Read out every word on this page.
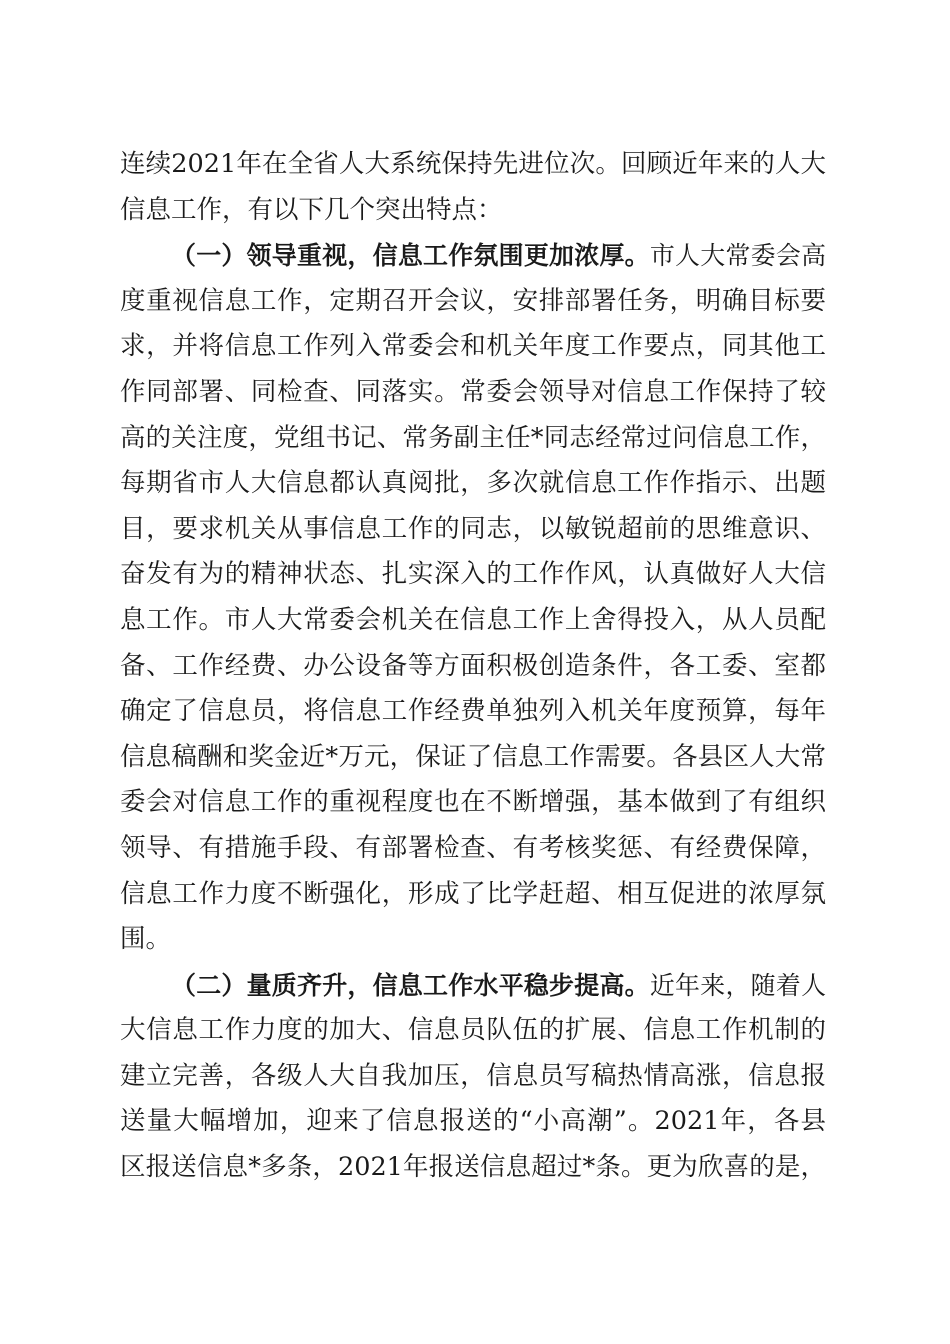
连续2021年在全省人大系统保持先进位次。回顾近年来的人大
信息工作，有以下几个突出特点：
（一）领导重视，信息工作氛围更加浓厚。市人大常委会高
度重视信息工作，定期召开会议，安排部署任务，明确目标要
求，并将信息工作列入常委会和机关年度工作要点，同其他工
作同部署、同检查、同落实。常委会领导对信息工作保持了较
高的关注度，党组书记、常务副主任*同志经常过问信息工作，
每期省市人大信息都认真阅批，多次就信息工作作指示、出题
目，要求机关从事信息工作的同志，以敏锐超前的思维意识、
奋发有为的精神状态、扎实深入的工作作风，认真做好人大信
息工作。市人大常委会机关在信息工作上舍得投入，从人员配
备、工作经费、办公设备等方面积极创造条件，各工委、室都
确定了信息员，将信息工作经费单独列入机关年度预算，每年
信息稿酬和奖金近*万元，保证了信息工作需要。各县区人大常
委会对信息工作的重视程度也在不断增强，基本做到了有组织
领导、有措施手段、有部署检查、有考核奖惩、有经费保障，
信息工作力度不断强化，形成了比学赶超、相互促进的浓厚氛
围。
（二）量质齐升，信息工作水平稳步提高。近年来，随着人
大信息工作力度的加大、信息员队伍的扩展、信息工作机制的
建立完善，各级人大自我加压，信息员写稿热情高涨，信息报
送量大幅增加，迎来了信息报送的“小高潮”。2021年，各县
区报送信息*多条，2021年报送信息超过*条。更为欣喜的是，
